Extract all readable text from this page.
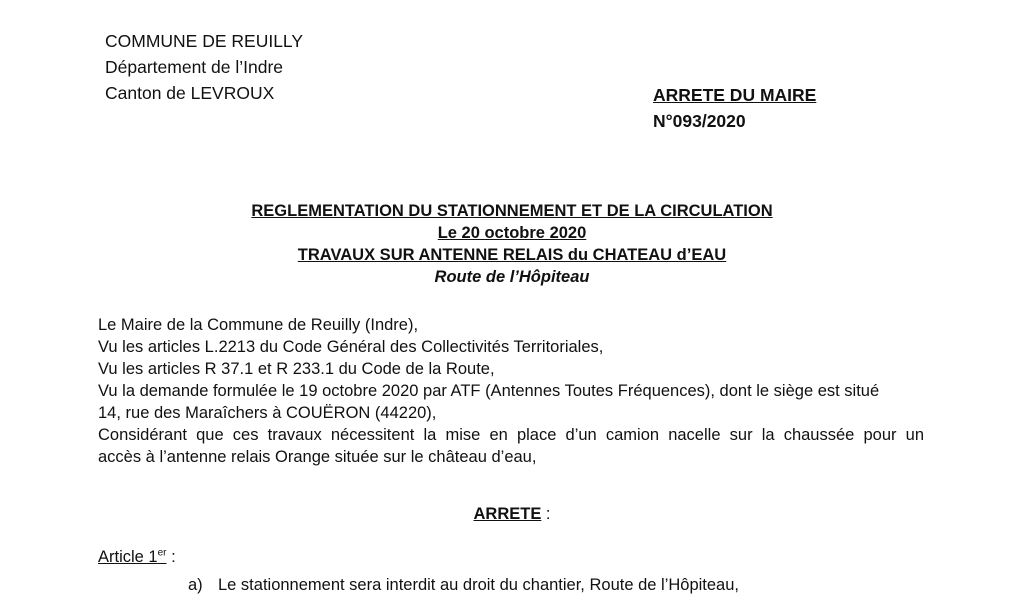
COMMUNE DE REUILLY
Département de l’Indre
Canton de LEVROUX	ARRETE DU MAIRE
N°093/2020
REGLEMENTATION DU STATIONNEMENT ET DE LA CIRCULATION
Le 20 octobre 2020
TRAVAUX SUR ANTENNE RELAIS du CHATEAU d’EAU
Route de l’Hôpiteau
Le Maire de la Commune de Reuilly (Indre),
Vu les articles L.2213 du Code Général des Collectivités Territoriales,
Vu les articles R 37.1 et R 233.1 du Code de la Route,
Vu la demande formulée le 19 octobre 2020 par ATF (Antennes Toutes Fréquences), dont le siège est situé
14, rue des Maraîchers à COUËRON (44220),
Considérant que ces travaux nécessitent la mise en place d’un camion nacelle sur la chaussée pour un
accès à l’antenne relais Orange située sur le château d’eau,
ARRETE :
Article 1er :
a) Le stationnement sera interdit au droit du chantier, Route de l’Hôpiteau,
